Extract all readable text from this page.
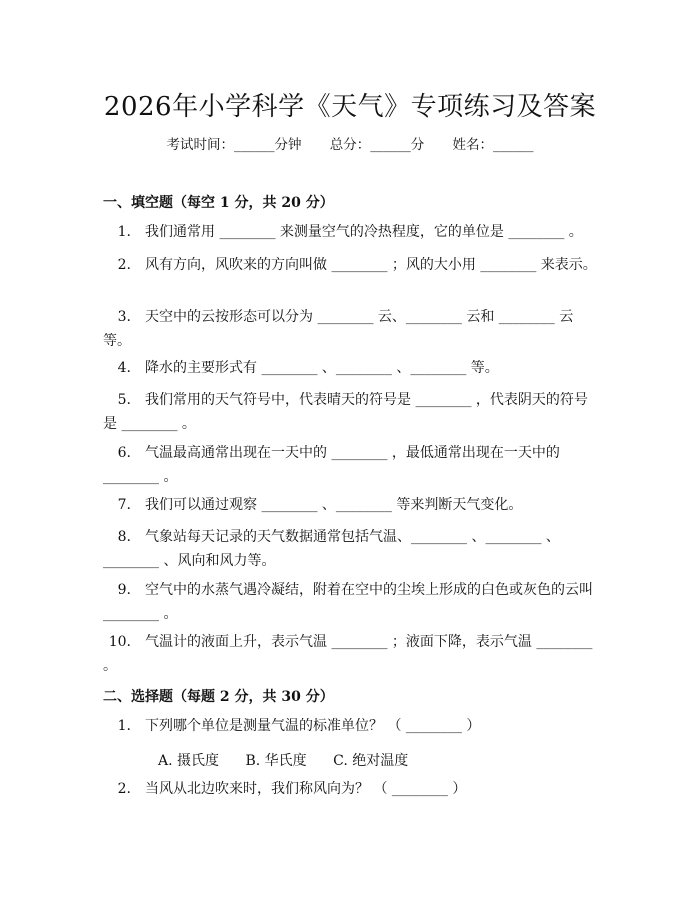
2026年小学科学《天气》专项练习及答案
考试时间：______分钟 总分：______分 姓名：______
一、填空题（每空 1 分，共 20 分）
1. 我们通常用 ________ 来测量空气的冷热程度，它的单位是 ________ 。
2. 风有方向，风吹来的方向叫做 ________ ；风的大小用 ________ 来表示。
3. 天空中的云按形态可以分为 ________ 云、________ 云和 ________ 云等。
4. 降水的主要形式有 ________ 、________ 、________ 等。
5. 我们常用的天气符号中，代表晴天的符号是 ________ ，代表阴天的符号是 ________ 。
6. 气温最高通常出现在一天中的 ________ ，最低通常出现在一天中的 ________ 。
7. 我们可以通过观察 ________ 、________ 等来判断天气变化。
8. 气象站每天记录的天气数据通常包括气温、________ 、________ 、________ 、风向和风力等。
9. 空气中的水蒸气遇冷凝结，附着在空中的尘埃上形成的白色或灰色的云叫 ________ 。
10. 气温计的液面上升，表示气温 ________ ；液面下降，表示气温 ________ 。
二、选择题（每题 2 分，共 30 分）
1. 下列哪个单位是测量气温的标准单位？ （ ________ ）
A. 摄氏度 B. 华氏度 C. 绝对温度
2. 当风从北边吹来时，我们称风向为？ （ ________ ）
